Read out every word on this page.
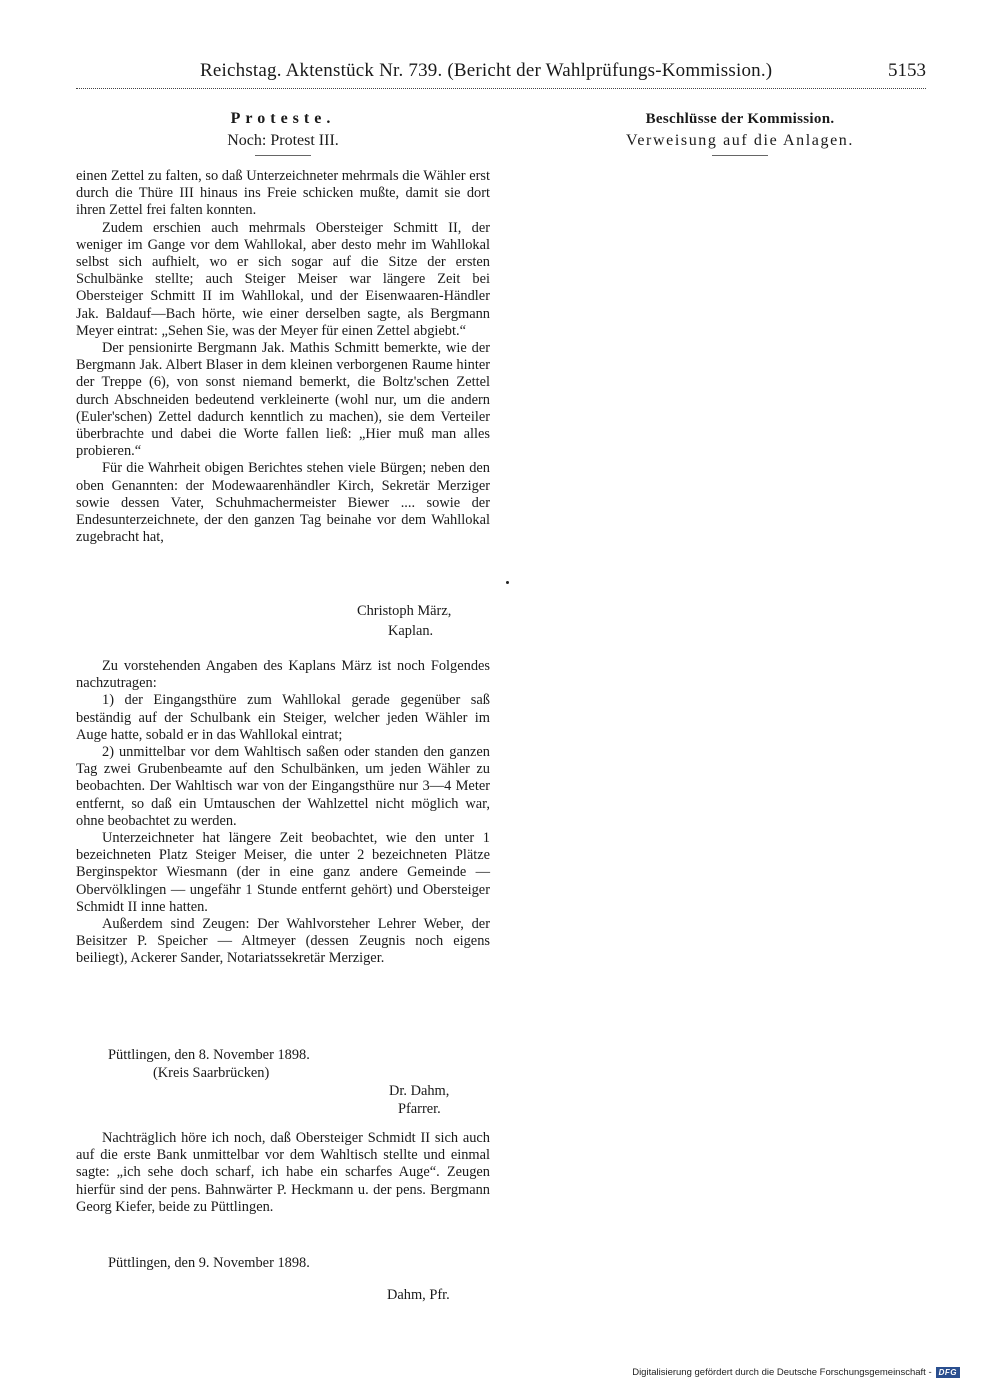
Reichstag. Aktenstück Nr. 739. (Bericht der Wahlprüfungs-Kommission.)	5153
Proteste.
Noch: Protest III.

einen Zettel zu falten, so daß Unterzeichneter mehrmals die Wähler erst durch die Thüre III hinaus ins Freie schicken mußte, damit sie dort ihren Zettel frei falten konnten.

Zudem erschien auch mehrmals Obersteiger Schmitt II, der weniger im Gange vor dem Wahllokal, aber desto mehr im Wahllokal selbst sich aufhielt, wo er sich sogar auf die Sitze der ersten Schulbänke stellte; auch Steiger Meiser war längere Zeit bei Obersteiger Schmitt II im Wahllokal, und der Eisenwaaren-Händler Jak. Baldauf—Bach hörte, wie einer derselben sagte, als Bergmann Meyer eintrat: „Sehen Sie, was der Meyer für einen Zettel abgiebt.“

Der pensionirte Bergmann Jak. Mathis Schmitt bemerkte, wie der Bergmann Jak. Albert Blaser in dem kleinen verborgenen Raume hinter der Treppe (6), von sonst niemand bemerkt, die Boltz'schen Zettel durch Abschneiden bedeutend verkleinerte (wohl nur, um die andern (Euler'schen) Zettel dadurch kenntlich zu machen), sie dem Verteiler überbrachte und dabei die Worte fallen ließ: „Hier muß man alles probieren.“

Für die Wahrheit obigen Berichtes stehen viele Bürgen; neben den oben Genannten: der Modewaarenhändler Kirch, Sekretär Merziger sowie dessen Vater, Schuhmachermeister Biewer .... sowie der Endesunterzeichnete, der den ganzen Tag beinahe vor dem Wahllokal zugebracht hat,

Christoph März,
Kaplan.

Zu vorstehenden Angaben des Kaplans März ist noch Folgendes nachzutragen:

1) der Eingangsthüre zum Wahllokal gerade gegenüber saß beständig auf der Schulbank ein Steiger, welcher jeden Wähler im Auge hatte, sobald er in das Wahllokal eintrat;

2) unmittelbar vor dem Wahltisch saßen oder standen den ganzen Tag zwei Grubenbeamte auf den Schulbänken, um jeden Wähler zu beobachten. Der Wahltisch war von der Eingangsthüre nur 3—4 Meter entfernt, so daß ein Umtauschen der Wahlzettel nicht möglich war, ohne beobachtet zu werden.

Unterzeichneter hat längere Zeit beobachtet, wie den unter 1 bezeichneten Platz Steiger Meiser, die unter 2 bezeichneten Plätze Berginspektor Wiesmann (der in eine ganz andere Gemeinde — Obervölklingen — ungefähr 1 Stunde entfernt gehört) und Obersteiger Schmidt II inne hatten.

Außerdem sind Zeugen: Der Wahlvorsteher Lehrer Weber, der Beisitzer P. Speicher — Altmeyer (dessen Zeugnis noch eigens beiliegt), Ackerer Sander, Notariatssekretär Merziger.

Püttlingen, den 8. November 1898.
(Kreis Saarbrücken)
Dr. Dahm,
Pfarrer.

Nachträglich höre ich noch, daß Obersteiger Schmidt II sich auch auf die erste Bank unmittelbar vor dem Wahltisch stellte und einmal sagte: „ich sehe doch scharf, ich habe ein scharfes Auge“. Zeugen hierfür sind der pens. Bahnwärter P. Heckmann u. der pens. Bergmann Georg Kiefer, beide zu Püttlingen.

Püttlingen, den 9. November 1898.
Dahm, Pfr.
Beschlüsse der Kommission.
Verweisung auf die Anlagen.
Digitalisierung gefördert durch die Deutsche Forschungsgemeinschaft - DFG
